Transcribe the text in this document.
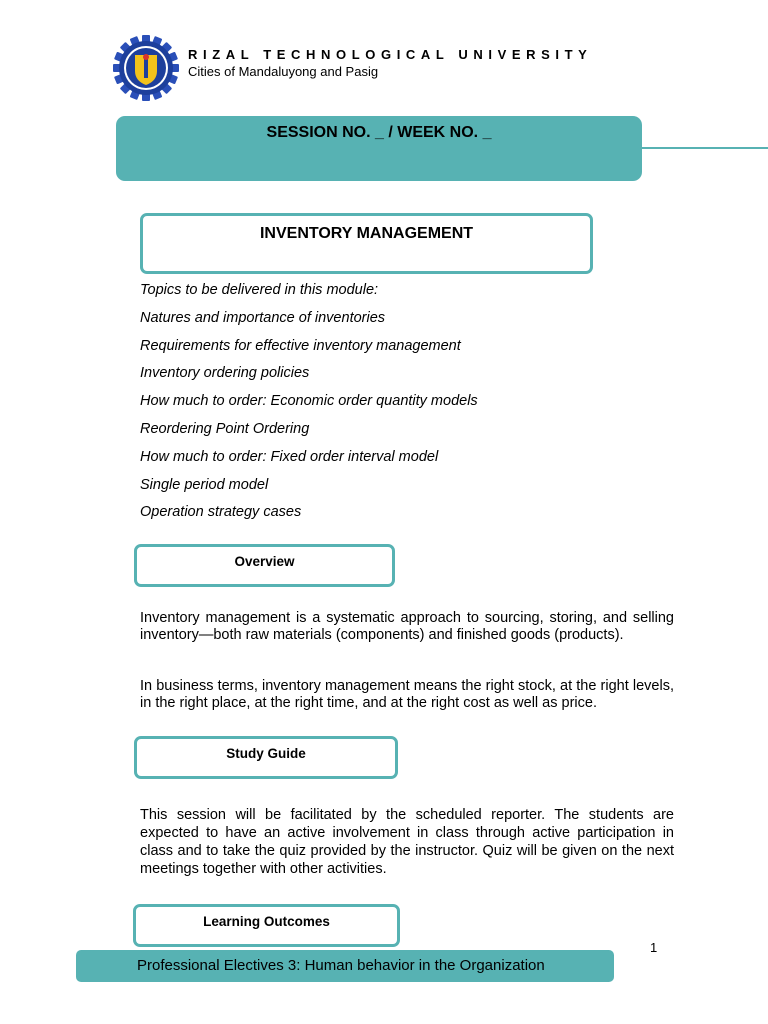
RIZAL TECHNOLOGICAL UNIVERSITY
Cities of Mandaluyong and Pasig
SESSION NO. _ / WEEK NO. _
INVENTORY MANAGEMENT
Topics to be delivered in this module:
Natures and importance of inventories
Requirements for effective inventory management
Inventory ordering policies
How much to order: Economic order quantity models
Reordering Point Ordering
How much to order: Fixed order interval model
Single period model
Operation strategy cases
Overview

Inventory management is a systematic approach to sourcing, storing, and selling inventory—both raw materials (components) and finished goods (products).

In business terms, inventory management means the right stock, at the right levels, in the right place, at the right time, and at the right cost as well as price.

Study Guide

This session will be facilitated by the scheduled reporter. The students are expected to have an active involvement in class through active participation in class and to take the quiz provided by the instructor. Quiz will be given on the next meetings together with other activities.

Learning Outcomes
1
Professional Electives 3: Human behavior in the Organization
